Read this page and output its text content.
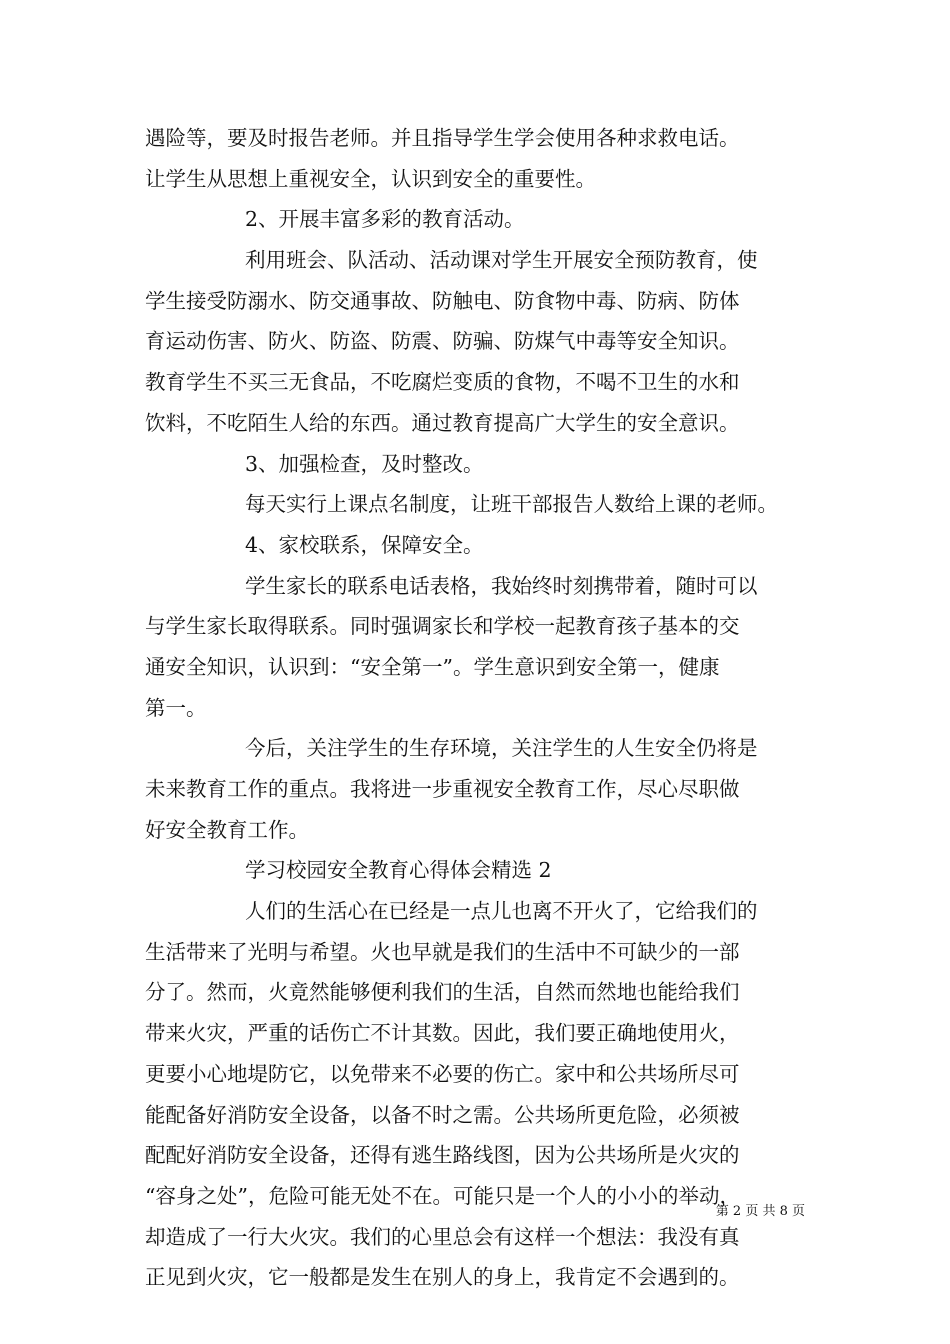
遇险等，要及时报告老师。并且指导学生学会使用各种求救电话。
让学生从思想上重视安全，认识到安全的重要性。
2、开展丰富多彩的教育活动。
利用班会、队活动、活动课对学生开展安全预防教育，使
学生接受防溺水、防交通事故、防触电、防食物中毒、防病、防体
育运动伤害、防火、防盗、防震、防骗、防煤气中毒等安全知识。
教育学生不买三无食品，不吃腐烂变质的食物，不喝不卫生的水和
饮料，不吃陌生人给的东西。通过教育提高广大学生的安全意识。
3、加强检查，及时整改。
每天实行上课点名制度，让班干部报告人数给上课的老师。
4、家校联系，保障安全。
学生家长的联系电话表格，我始终时刻携带着，随时可以
与学生家长取得联系。同时强调家长和学校一起教育孩子基本的交
通安全知识，认识到：“安全第一”。学生意识到安全第一，健康
第一。
今后，关注学生的生存环境，关注学生的人生安全仍将是
未来教育工作的重点。我将进一步重视安全教育工作，尽心尽职做
好安全教育工作。
学习校园安全教育心得体会精选 2
人们的生活心在已经是一点儿也离不开火了，它给我们的
生活带来了光明与希望。火也早就是我们的生活中不可缺少的一部
分了。然而，火竟然能够便利我们的生活，自然而然地也能给我们
带来火灾，严重的话伤亡不计其数。因此，我们要正确地使用火，
更要小心地堤防它，以免带来不必要的伤亡。家中和公共场所尽可
能配备好消防安全设备，以备不时之需。公共场所更危险，必须被
配配好消防安全设备，还得有逃生路线图，因为公共场所是火灾的
“容身之处”，危险可能无处不在。可能只是一个人的小小的举动，
却造成了一行大火灾。我们的心里总会有这样一个想法：我没有真
正见到火灾，它一般都是发生在别人的身上，我肯定不会遇到的。
第 2 页 共 8 页
